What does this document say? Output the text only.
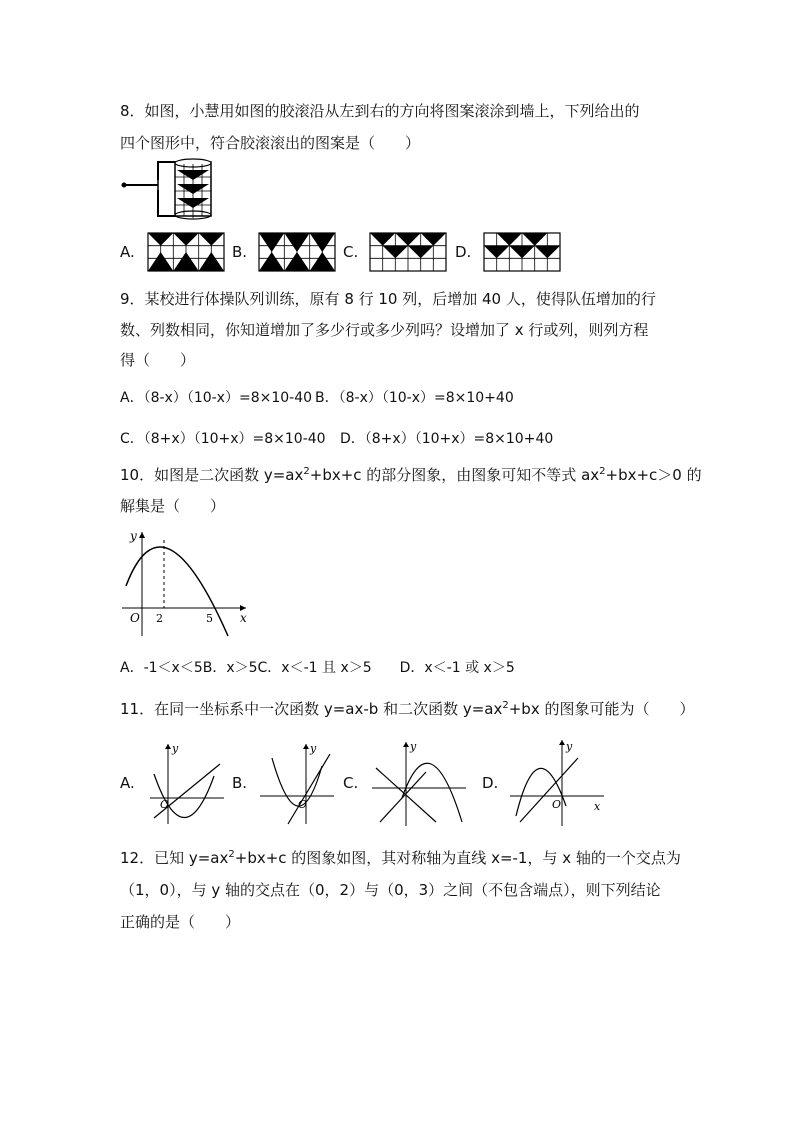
8．如图，小慧用如图的胶滚沿从左到右的方向将图案滚涂到墙上，下列给出的
四个图形中，符合胶滚滚出的图案是（　　）
A.	B.	C.	D.
9．某校进行体操队列训练，原有 8 行 10 列，后增加 40 人，使得队伍增加的行
数、列数相同，你知道增加了多少行或多少列吗？设增加了 x 行或列，则列方程
得（　　）
A．（8-x）（10-x）=8×10-40 B．（8-x）（10-x）=8×10+40
C．（8+x）（10+x）=8×10-40 D．（8+x）（10+x）=8×10+40
10．如图是二次函数 $y=ax^2+bx+c$ 的部分图象，由图象可知不等式 $ax^2+bx+c>0$ 的
解集是（　　）
y
x
O 2	5
A．-1＜x＜5B．x＞5C．x＜-1 且 x＞5　　D．x＜-1 或 x＞5
11．在同一坐标系中一次函数 y=ax-b 和二次函数 $y=ax^2+bx$ 的图象可能为（　　）
A.
y
O
B.
y
O
C.
y
D.
y
x
O
12．已知 $y=ax^2+bx+c$ 的图象如图，其对称轴为直线 x=-1，与 x 轴的一个交点为
（1，0），与 y 轴的交点在（0，2）与（0，3）之间（不包含端点），则下列结论
正确的是（　　）
